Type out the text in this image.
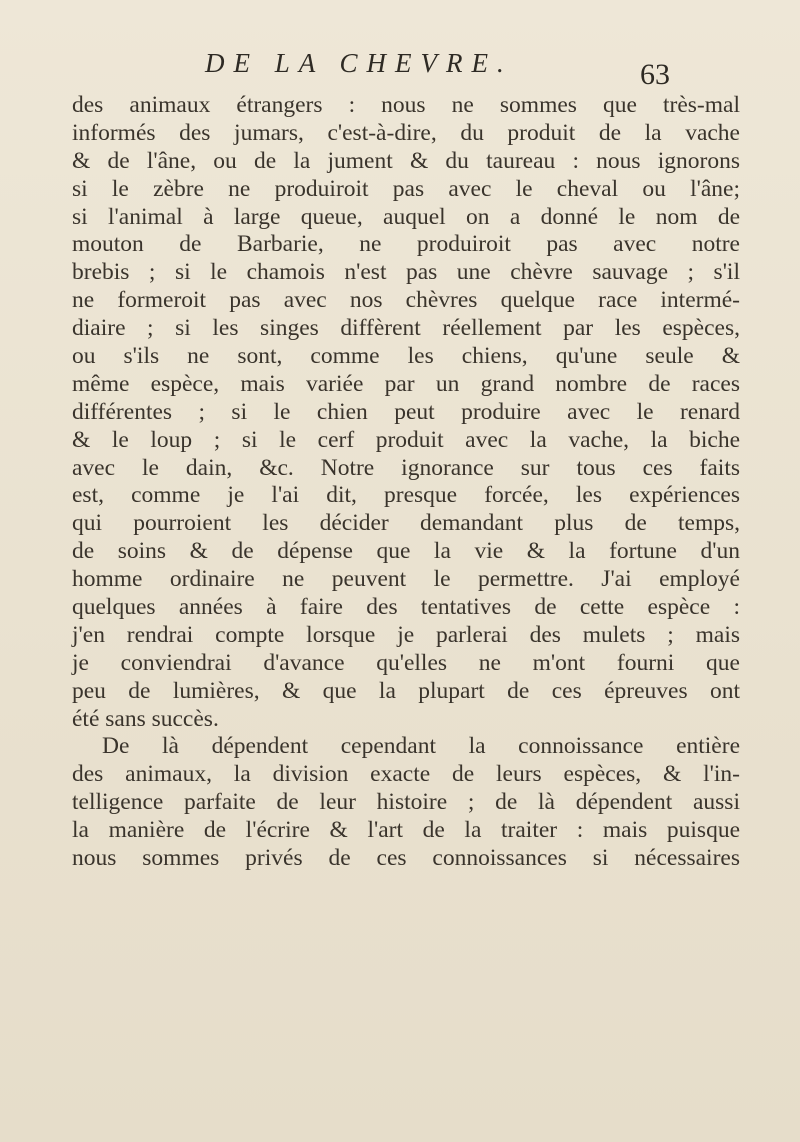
DE LA CHEVRE.	63
des animaux étrangers : nous ne sommes que très-mal
informés des jumars, c'est-à-dire, du produit de la vache
& de l'âne, ou de la jument & du taureau : nous ignorons
si le zèbre ne produiroit pas avec le cheval ou l'âne;
si l'animal à large queue, auquel on a donné le nom de
mouton de Barbarie, ne produiroit pas avec notre
brebis ; si le chamois n'est pas une chèvre sauvage ; s'il
ne formeroit pas avec nos chèvres quelque race intermé-
diaire ; si les singes diffèrent réellement par les espèces,
ou s'ils ne sont, comme les chiens, qu'une seule &
même espèce, mais variée par un grand nombre de races
différentes ; si le chien peut produire avec le renard
& le loup ; si le cerf produit avec la vache, la biche
avec le dain, &c. Notre ignorance sur tous ces faits
est, comme je l'ai dit, presque forcée, les expériences
qui pourroient les décider demandant plus de temps,
de soins & de dépense que la vie & la fortune d'un
homme ordinaire ne peuvent le permettre. J'ai employé
quelques années à faire des tentatives de cette espèce :
j'en rendrai compte lorsque je parlerai des mulets ; mais
je conviendrai d'avance qu'elles ne m'ont fourni que
peu de lumières, & que la plupart de ces épreuves ont
été sans succès.
De là dépendent cependant la connoissance entière
des animaux, la division exacte de leurs espèces, & l'in-
telligence parfaite de leur histoire ; de là dépendent aussi
la manière de l'écrire & l'art de la traiter : mais puisque
nous sommes privés de ces connoissances si nécessaires
